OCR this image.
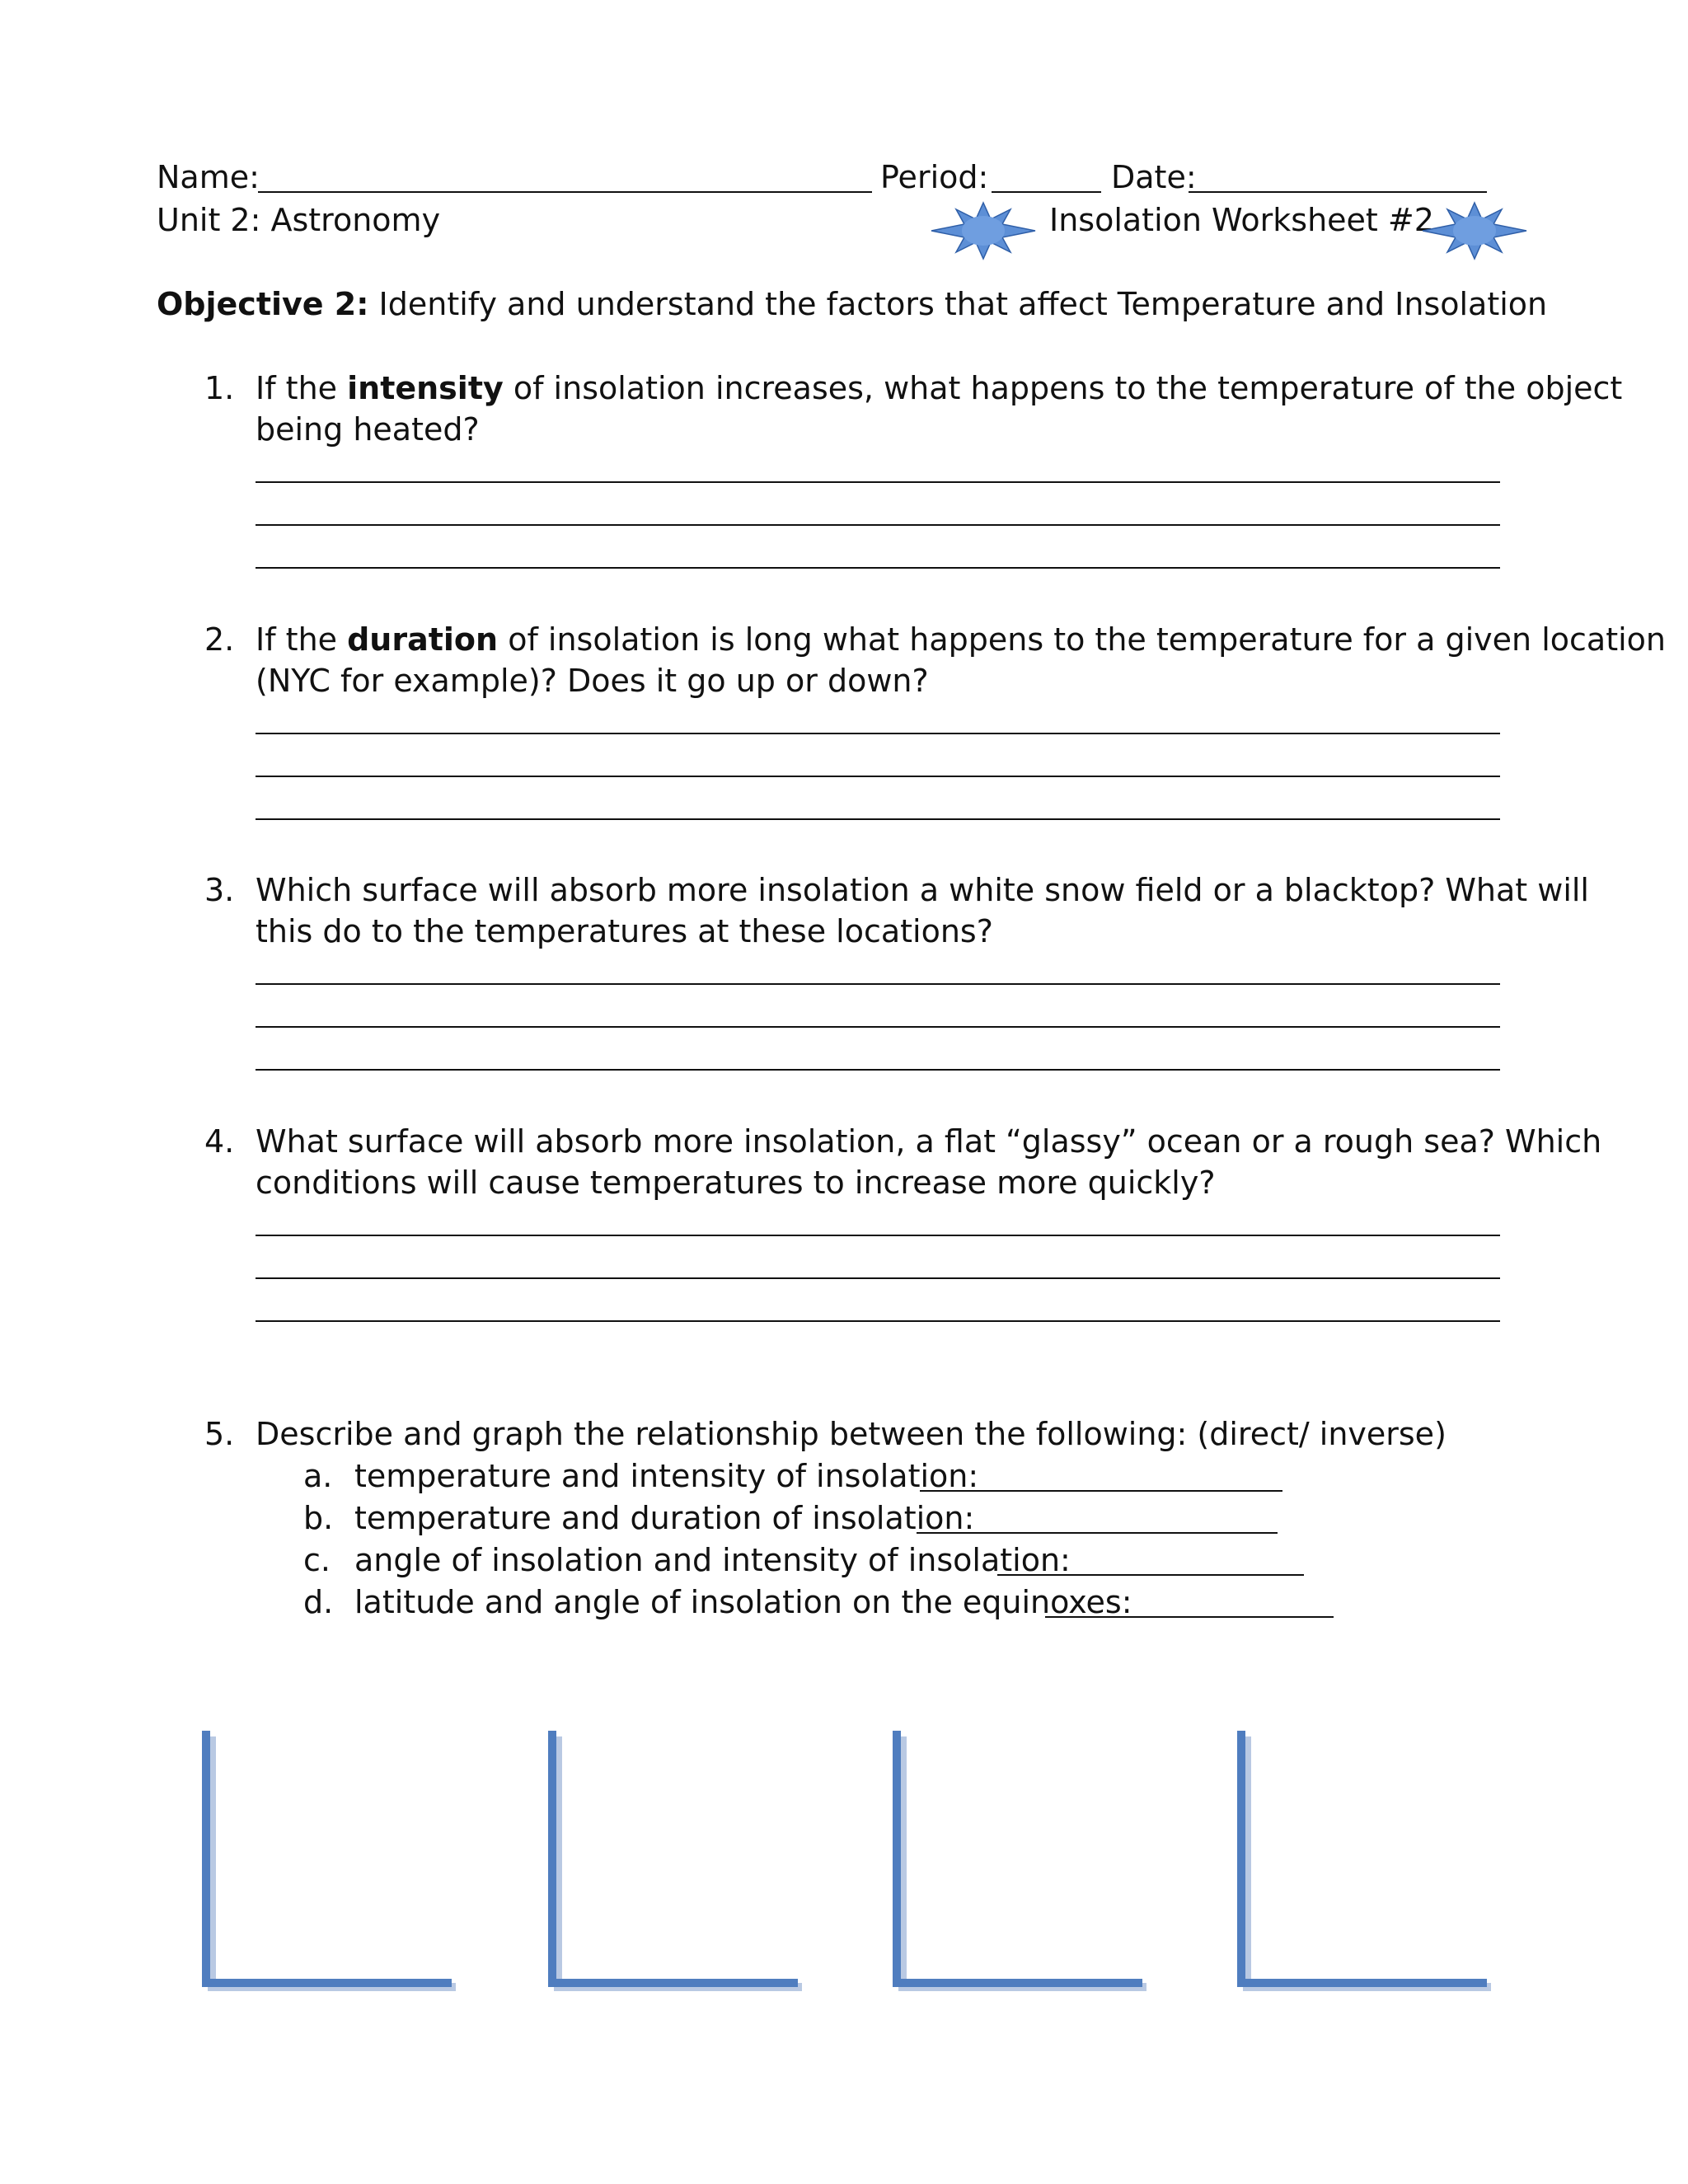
Name:	Period:	Date:
Unit 2: Astronomy	Insolation Worksheet #2
Objective 2: Identify and understand the factors that affect Temperature and Insolation
1. If the intensity of insolation increases, what happens to the temperature of the object
being heated?
2. If the duration of insolation is long what happens to the temperature for a given location
(NYC for example)? Does it go up or down?
3. Which surface will absorb more insolation a white snow field or a blacktop? What will
this do to the temperatures at these locations?
4. What surface will absorb more insolation, a flat “glassy” ocean or a rough sea? Which
conditions will cause temperatures to increase more quickly?
5. Describe and graph the relationship between the following: (direct/ inverse)
a. temperature and intensity of insolation:
b. temperature and duration of insolation:
c. angle of insolation and intensity of insolation:
d. latitude and angle of insolation on the equinoxes:
